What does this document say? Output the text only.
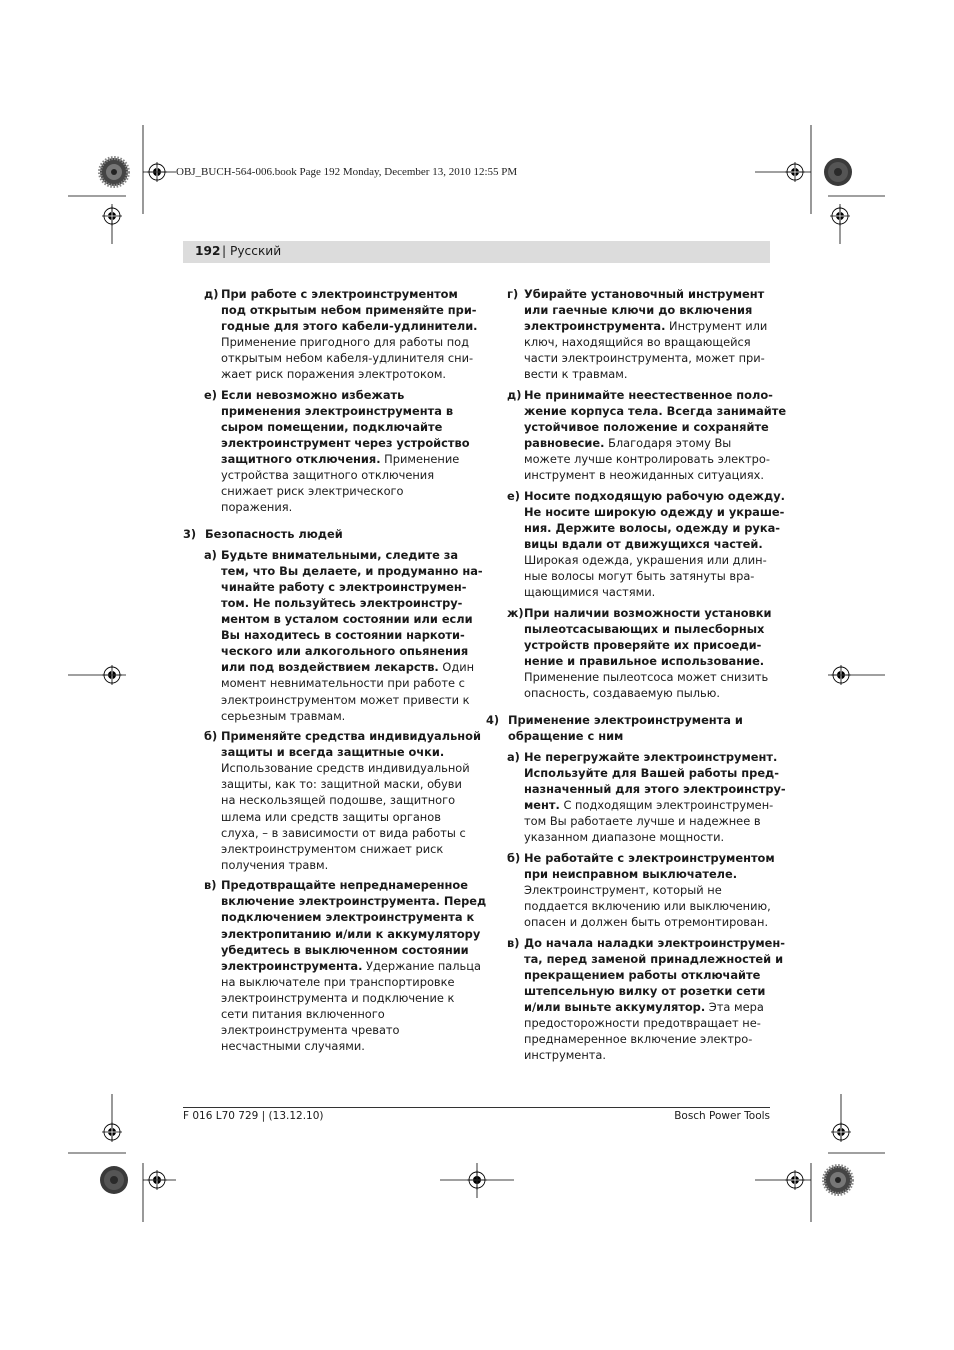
OBJ_BUCH-564-006.book Page 192 Monday, December 13, 2010 12:55 PM
192 | Русский
д) При работе с электроинструментом
под открытым небом применяйте при-
годные для этого кабели-удлинители.
Применение пригодного для работы под
открытым небом кабеля-удлинителя сни-
жает риск поражения электротоком.
е) Если невозможно избежать
применения электроинструмента в
сыром помещении, подключайте
электроинструмент через устройство
защитного отключения. Применение
устройства защитного отключения
снижает риск электрического
поражения.
3) Безопасность людей
а) Будьте внимательными, следите за
тем, что Вы делаете, и продуманно на-
чинайте работу с электроинструмен-
том. Не пользуйтесь электроинстру-
ментом в усталом состоянии или если
Вы находитесь в состоянии наркоти-
ческого или алкогольного опьянения
или под воздействием лекарств. Один
момент невнимательности при работе с
электроинструментом может привести к
серьезным травмам.
б) Применяйте средства индивидуальной
защиты и всегда защитные очки.
Использование средств индивидуальной
защиты, как то: защитной маски, обуви
на нескользящей подошве, защитного
шлема или средств защиты органов
слуха, – в зависимости от вида работы с
электроинструментом снижает риск
получения травм.
в) Предотвращайте непреднамеренное
включение электроинструмента. Перед
подключением электроинструмента к
электропитанию и/или к аккумулятору
убедитесь в выключенном состоянии
электроинструмента. Удержание пальца
на выключателе при транспортировке
электроинструмента и подключение к
сети питания включенного
электроинструмента чревато
несчастными случаями.
г) Убирайте установочный инструмент
или гаечные ключи до включения
электроинструмента. Инструмент или
ключ, находящийся во вращающейся
части электроинструмента, может при-
вести к травмам.
д) Не принимайте неестественное поло-
жение корпуса тела. Всегда занимайте
устойчивое положение и сохраняйте
равновесие. Благодаря этому Вы
можете лучше контролировать электро-
инструмент в неожиданных ситуациях.
е) Носите подходящую рабочую одежду.
Не носите широкую одежду и украше-
ния. Держите волосы, одежду и рука-
вицы вдали от движущихся частей.
Широкая одежда, украшения или длин-
ные волосы могут быть затянуты вра-
щающимися частями.
ж) При наличии возможности установки
пылеотсасывающих и пылесборных
устройств проверяйте их присоеди-
нение и правильное использование.
Применение пылеотсоса может снизить
опасность, создаваемую пылью.
4) Применение электроинструмента и
обращение с ним
а) Не перегружайте электроинструмент.
Используйте для Вашей работы пред-
назначенный для этого электроинстру-
мент. С подходящим электроинструмен-
том Вы работаете лучше и надежнее в
указанном диапазоне мощности.
б) Не работайте с электроинструментом
при неисправном выключателе.
Электроинструмент, который не
поддается включению или выключению,
опасен и должен быть отремонтирован.
в) До начала наладки электроинструмен-
та, перед заменой принадлежностей и
прекращением работы отключайте
штепсельную вилку от розетки сети
и/или выньте аккумулятор. Эта мера
предосторожности предотвращает не-
преднамеренное включение электро-
инструмента.
F 016 L70 729 | (13.12.10)	Bosch Power Tools
